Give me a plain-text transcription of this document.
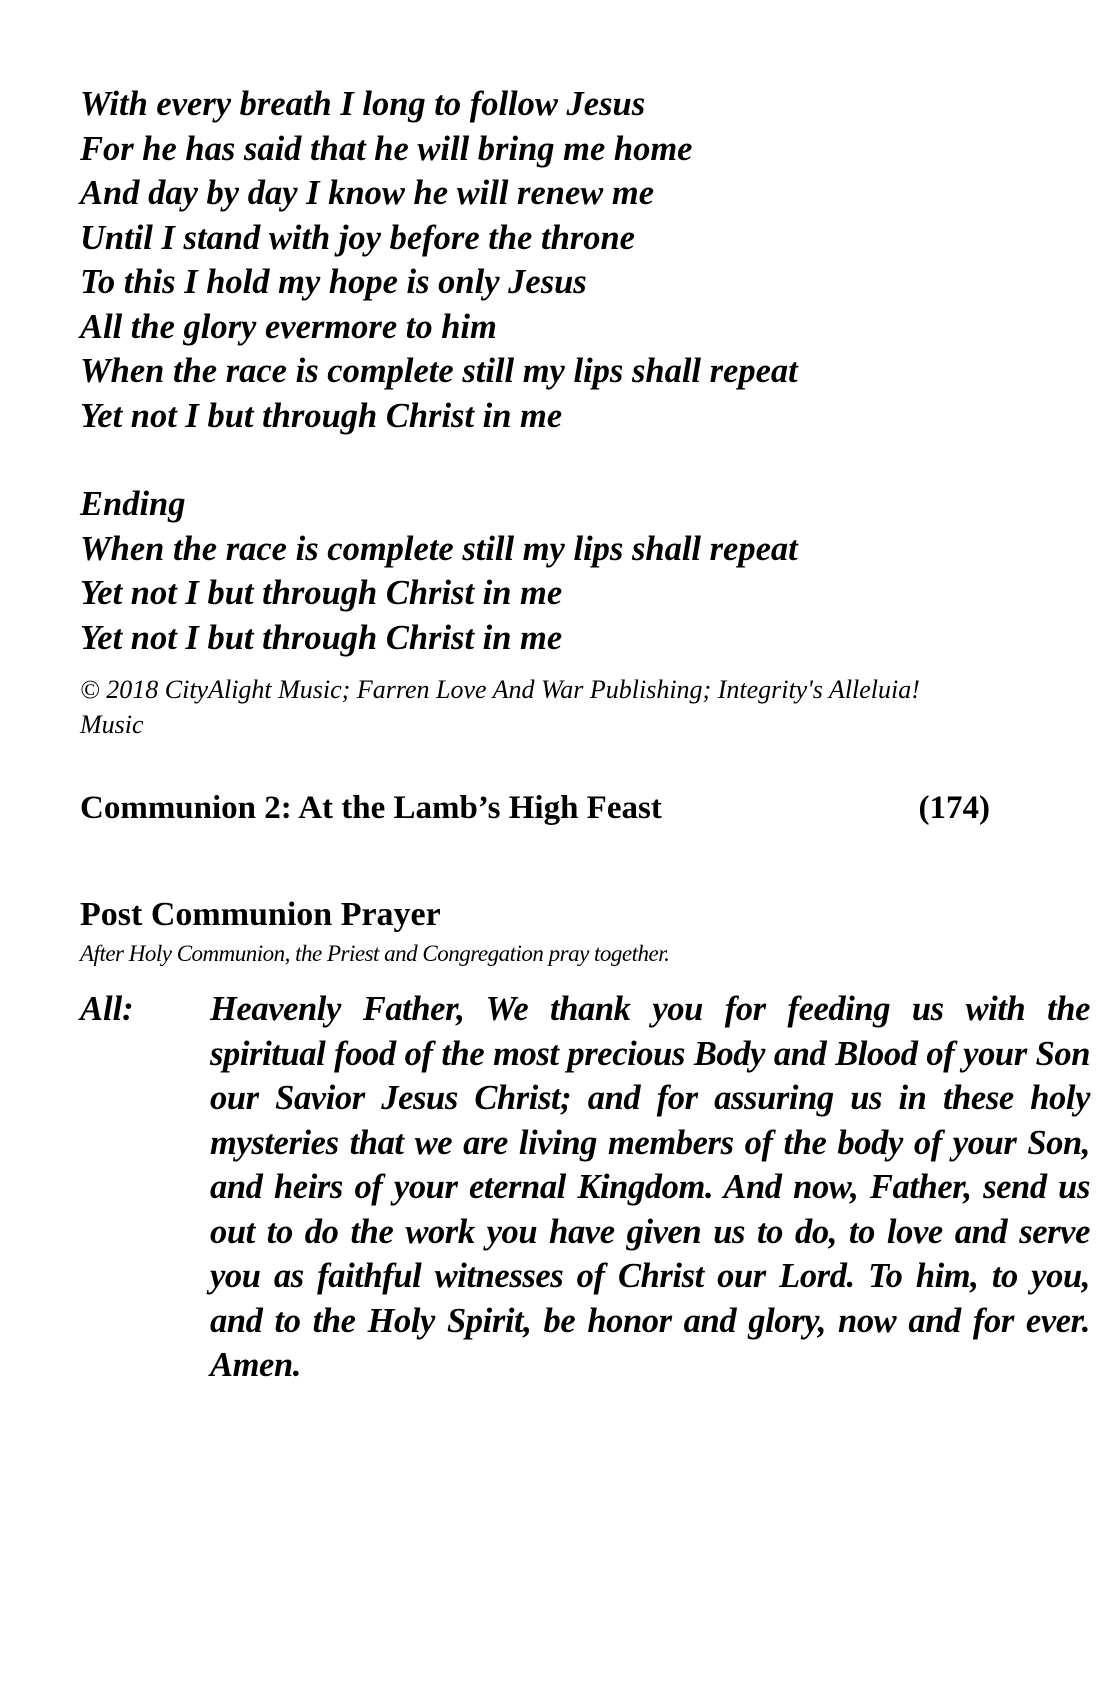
With every breath I long to follow Jesus
For he has said that he will bring me home
And day by day I know he will renew me
Until I stand with joy before the throne
To this I hold my hope is only Jesus
All the glory evermore to him
When the race is complete still my lips shall repeat
Yet not I but through Christ in me
Ending
When the race is complete still my lips shall repeat
Yet not I but through Christ in me
Yet not I but through Christ in me
© 2018 CityAlight Music; Farren Love And War Publishing; Integrity's Alleluia! Music
Communion 2: At the Lamb’s High Feast	(174)
Post Communion Prayer
After Holy Communion, the Priest and Congregation pray together.
All: Heavenly Father, We thank you for feeding us with the spiritual food of the most precious Body and Blood of your Son our Savior Jesus Christ; and for assuring us in these holy mysteries that we are living members of the body of your Son, and heirs of your eternal Kingdom. And now, Father, send us out to do the work you have given us to do, to love and serve you as faithful witnesses of Christ our Lord. To him, to you, and to the Holy Spirit, be honor and glory, now and for ever. Amen.
